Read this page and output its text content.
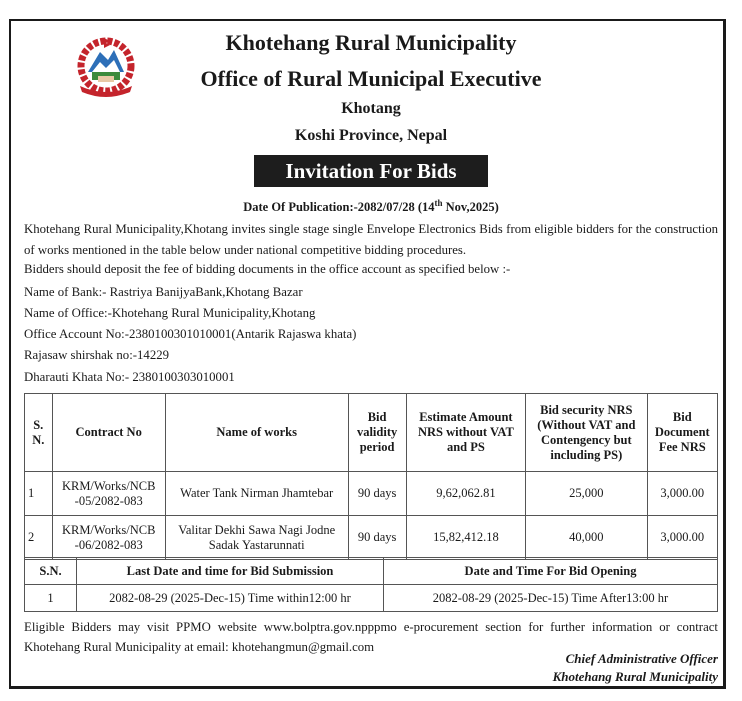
Khotehang Rural Municipality
Office of Rural Municipal Executive
Khotang
Koshi Province, Nepal
Invitation For Bids
Date Of Publication:-2082/07/28 (14th Nov,2025)
Khotehang Rural Municipality,Khotang invites single stage single Envelope Electronics Bids from eligible bidders for the construction of works mentioned in the table below under national competitive bidding procedures.
Bidders should deposit the fee of bidding documents in the office account as specified below :-
Name of Bank:- Rastriya BanijyaBank,Khotang Bazar
Name of Office:-Khotehang Rural Municipality,Khotang
Office Account No:-2380100301010001(Antarik Rajaswa khata)
Rajasaw shirshak no:-14229
Dharauti Khata No:- 2380100303010001
S. N.	Contract No	Name of works	Bid validity period	Estimate Amount NRS without VAT and PS	Bid security NRS (Without VAT and Contengency but including PS)	Bid Document Fee NRS
1	KRM/Works/NCB -05/2082-083	Water Tank Nirman Jhamtebar	90 days	9,62,062.81	25,000	3,000.00
2	KRM/Works/NCB -06/2082-083	Valitar Dekhi Sawa Nagi Jodne Sadak Yastarunnati	90 days	15,82,412.18	40,000	3,000.00
S.N.	Last Date and time for Bid Submission	Date and Time For Bid Opening
1	2082-08-29 (2025-Dec-15) Time within12:00 hr	2082-08-29 (2025-Dec-15) Time After13:00 hr
Eligible Bidders may visit PPMO website www.bolptra.gov.npppmo e-procurement section for further information or contract Khotehang Rural Municipality at email: khotehangmun@gmail.com
Chief Administrative Officer
Khotehang Rural Municipality
